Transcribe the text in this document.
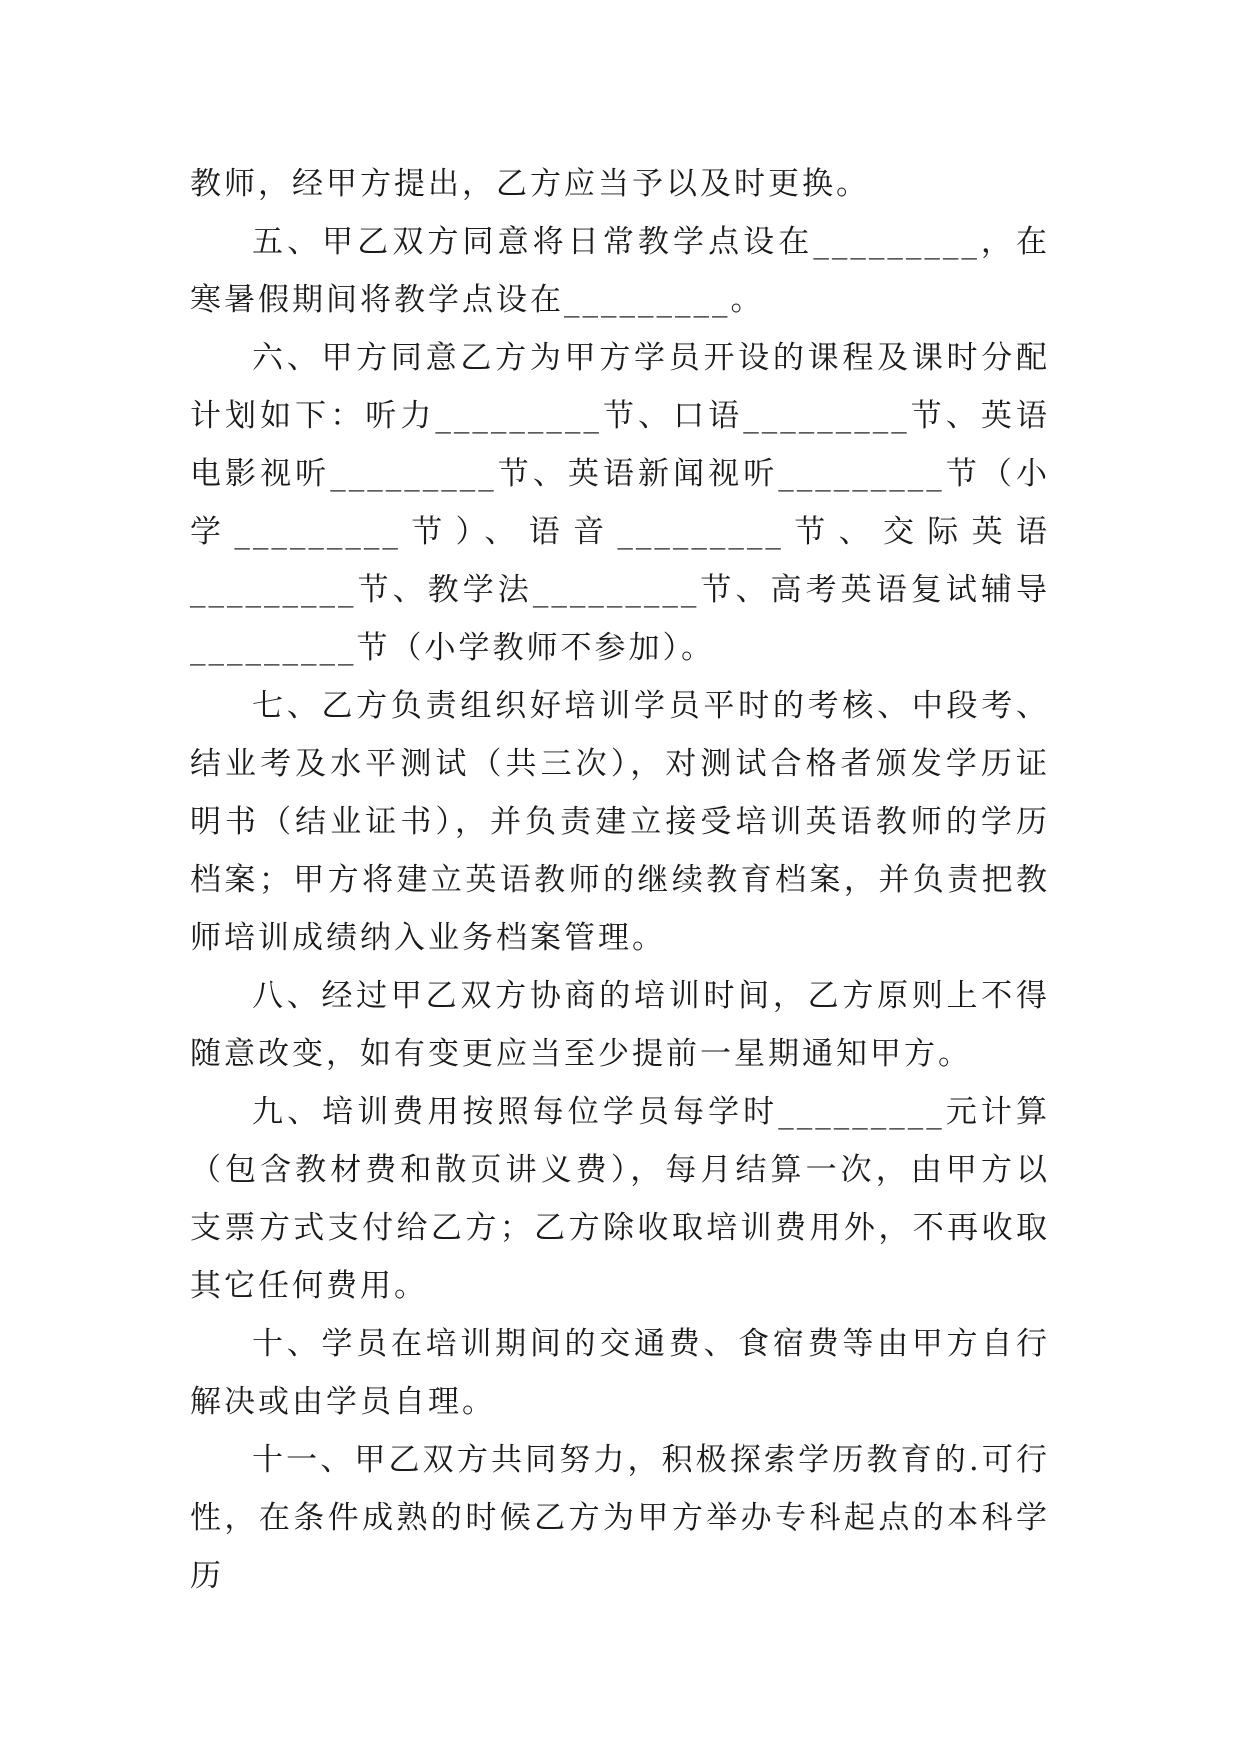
教师，经甲方提出，乙方应当予以及时更换。

五、甲乙双方同意将日常教学点设在_________，在寒暑假期间将教学点设在_________。

六、甲方同意乙方为甲方学员开设的课程及课时分配计划如下：听力_________节、口语_________节、英语电影视听_________节、英语新闻视听_________节（小学_________节）、语音_________节、交际英语_________节、教学法_________节、高考英语复试辅导_________节（小学教师不参加）。

七、乙方负责组织好培训学员平时的考核、中段考、结业考及水平测试（共三次），对测试合格者颁发学历证明书（结业证书），并负责建立接受培训英语教师的学历档案；甲方将建立英语教师的继续教育档案，并负责把教师培训成绩纳入业务档案管理。

八、经过甲乙双方协商的培训时间，乙方原则上不得随意改变，如有变更应当至少提前一星期通知甲方。

九、培训费用按照每位学员每学时_________元计算（包含教材费和散页讲义费），每月结算一次，由甲方以支票方式支付给乙方；乙方除收取培训费用外，不再收取其它任何费用。

十、学员在培训期间的交通费、食宿费等由甲方自行解决或由学员自理。

十一、甲乙双方共同努力，积极探索学历教育的.可行性，在条件成熟的时候乙方为甲方举办专科起点的本科学历
